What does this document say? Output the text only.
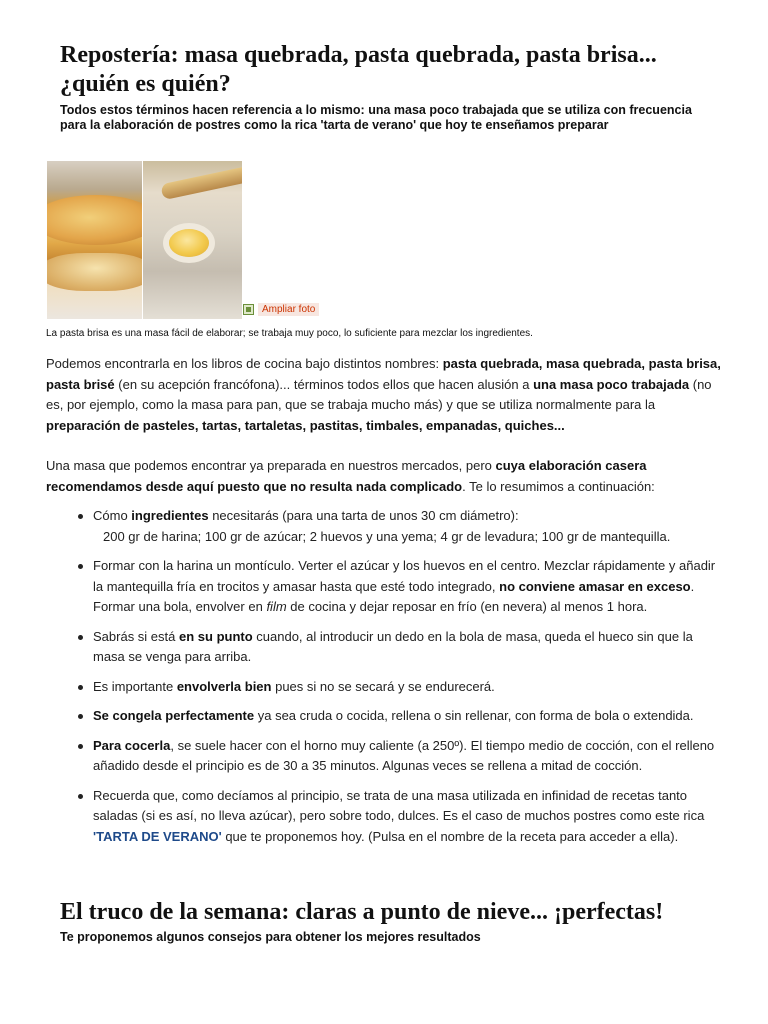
Repostería: masa quebrada, pasta quebrada, pasta brisa...
¿quién es quién?
Todos estos términos hacen referencia a lo mismo: una masa poco trabajada que se utiliza con frecuencia para la elaboración de postres como la rica 'tarta de verano' que hoy te enseñamos preparar
Ampliar foto
La pasta brisa es una masa fácil de elaborar; se trabaja muy poco, lo suficiente para mezclar los ingredientes.

Podemos encontrarla en los libros de cocina bajo distintos nombres: pasta quebrada, masa quebrada, pasta brisa, pasta brisé (en su acepción francófona)... términos todos ellos que hacen alusión a una masa poco trabajada (no es, por ejemplo, como la masa para pan, que se trabaja mucho más) y que se utiliza normalmente para la preparación de pasteles, tartas, tartaletas, pastitas, timbales, empanadas, quiches...

Una masa que podemos encontrar ya preparada en nuestros mercados, pero cuya elaboración casera recomendamos desde aquí puesto que no resulta nada complicado. Te lo resumimos a continuación:

Cómo ingredientes necesitarás (para una tarta de unos 30 cm diámetro):
200 gr de harina; 100 gr de azúcar; 2 huevos y una yema; 4 gr de levadura; 100 gr de mantequilla.
Formar con la harina un montículo. Verter el azúcar y los huevos en el centro. Mezclar rápidamente y añadir la mantequilla fría en trocitos y amasar hasta que esté todo integrado, no conviene amasar en exceso. Formar una bola, envolver en film de cocina y dejar reposar en frío (en nevera) al menos 1 hora.
Sabrás si está en su punto cuando, al introducir un dedo en la bola de masa, queda el hueco sin que la masa se venga para arriba.
Es importante envolverla bien pues si no se secará y se endurecerá.
Se congela perfectamente ya sea cruda o cocida, rellena o sin rellenar, con forma de bola o extendida.
Para cocerla, se suele hacer con el horno muy caliente (a 250º). El tiempo medio de cocción, con el relleno añadido desde el principio es de 30 a 35 minutos. Algunas veces se rellena a mitad de cocción.
Recuerda que, como decíamos al principio, se trata de una masa utilizada en infinidad de recetas tanto saladas (si es así, no lleva azúcar), pero sobre todo, dulces. Es el caso de muchos postres como este rica 'TARTA DE VERANO' que te proponemos hoy. (Pulsa en el nombre de la receta para acceder a ella).
El truco de la semana: claras a punto de nieve... ¡perfectas!
Te proponemos algunos consejos para obtener los mejores resultados
